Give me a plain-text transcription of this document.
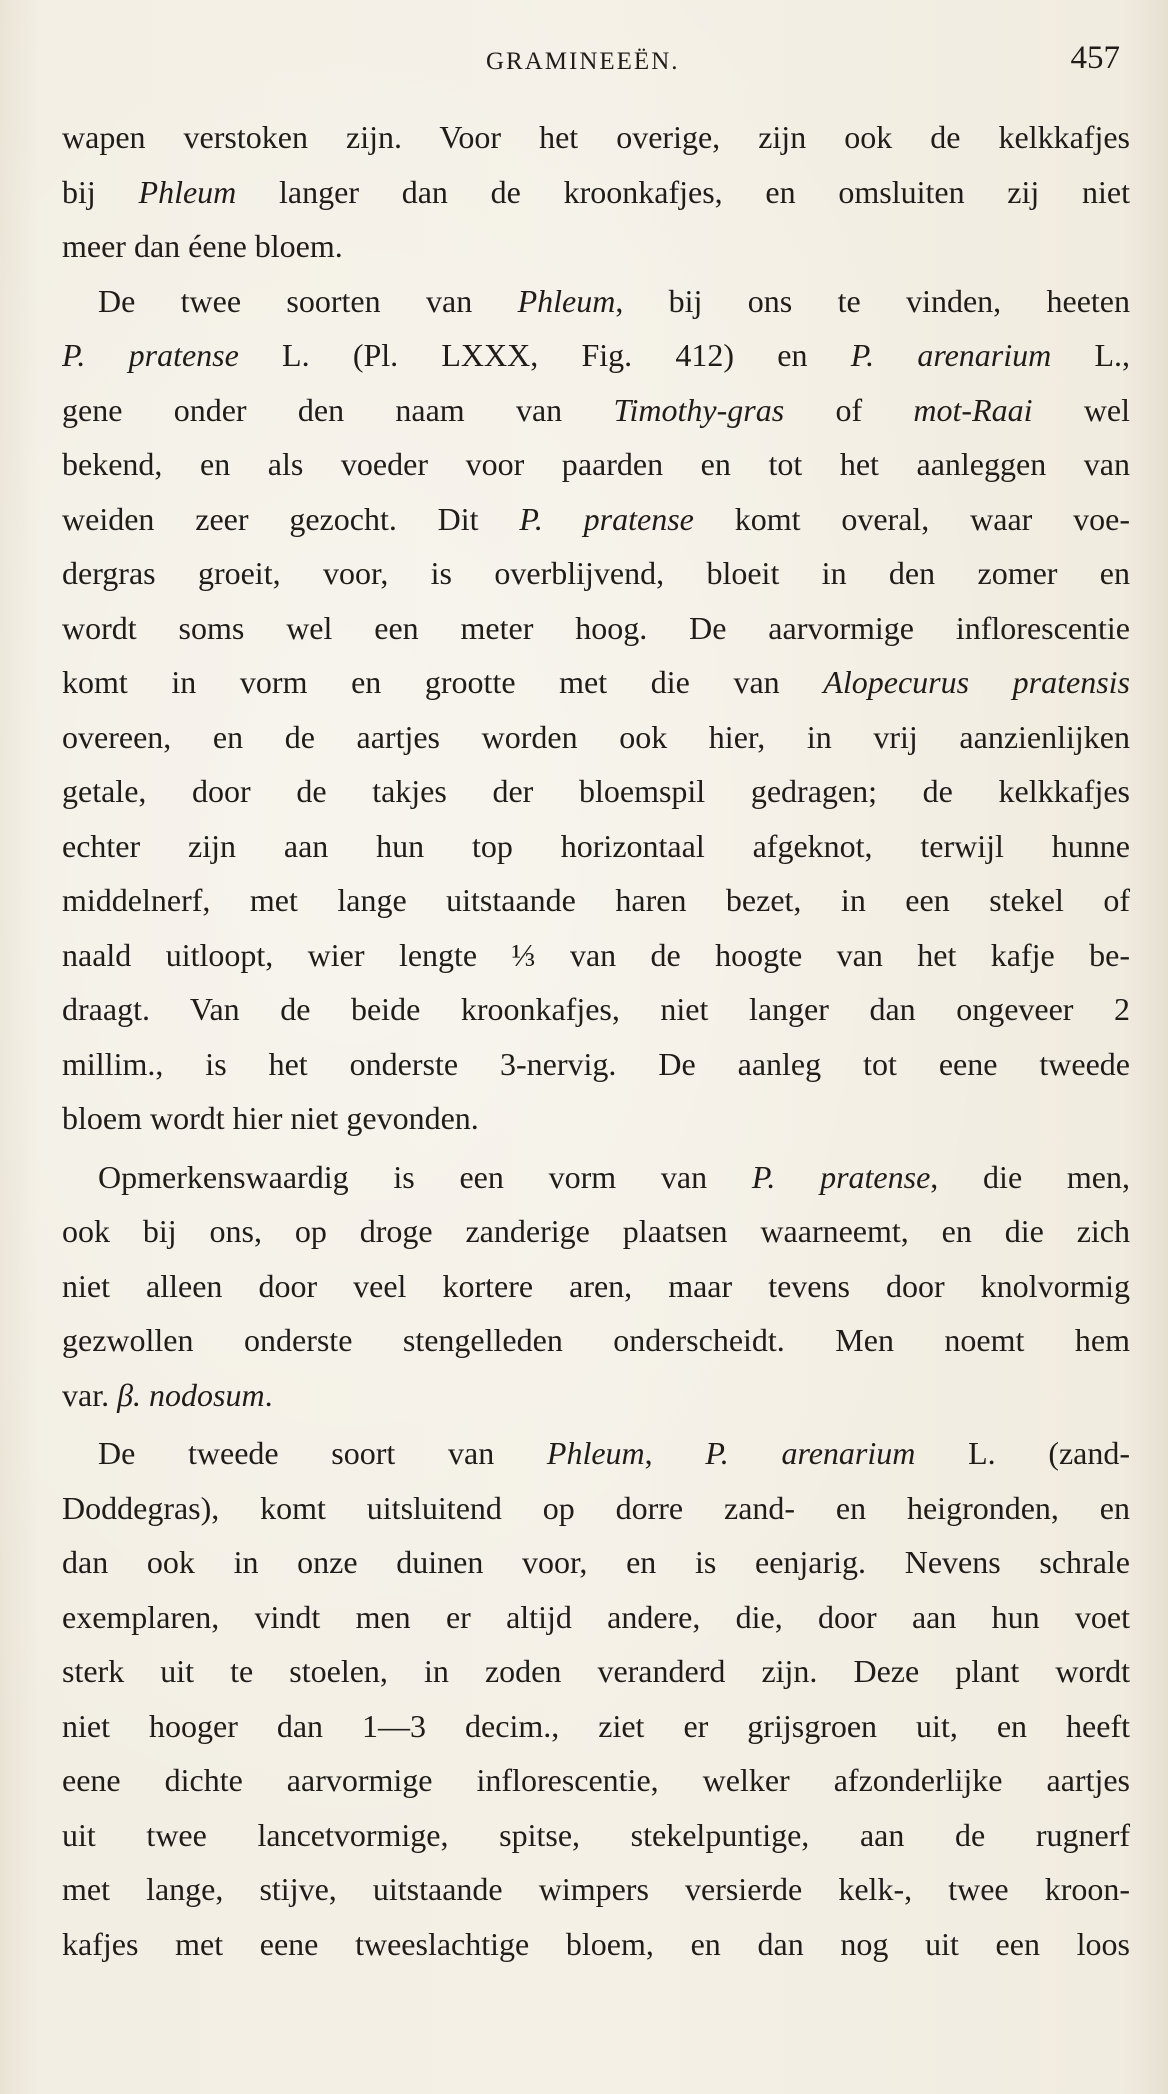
GRAMINEEËN.	457
wapen verstoken zijn. Voor het overige, zijn ook de kelkkafjes
bij Phleum langer dan de kroonkafjes, en omsluiten zij niet
meer dan éene bloem.
De twee soorten van Phleum, bij ons te vinden, heeten
P. pratense L. (Pl. LXXX, Fig. 412) en P. arenarium L.,
gene onder den naam van Timothy-gras of mot-Raai wel
bekend, en als voeder voor paarden en tot het aanleggen van
weiden zeer gezocht. Dit P. pratense komt overal, waar voe-
dergras groeit, voor, is overblijvend, bloeit in den zomer en
wordt soms wel een meter hoog. De aarvormige inflorescentie
komt in vorm en grootte met die van Alopecurus pratensis
overeen, en de aartjes worden ook hier, in vrij aanzienlijken
getale, door de takjes der bloemspil gedragen; de kelkkafjes
echter zijn aan hun top horizontaal afgeknot, terwijl hunne
middelnerf, met lange uitstaande haren bezet, in een stekel of
naald uitloopt, wier lengte ⅓ van de hoogte van het kafje be-
draagt. Van de beide kroonkafjes, niet langer dan ongeveer 2
millim., is het onderste 3-nervig. De aanleg tot eene tweede
bloem wordt hier niet gevonden.
Opmerkenswaardig is een vorm van P. pratense, die men,
ook bij ons, op droge zanderige plaatsen waarneemt, en die zich
niet alleen door veel kortere aren, maar tevens door knolvormig
gezwollen onderste stengelleden onderscheidt. Men noemt hem
var. β. nodosum.
De tweede soort van Phleum, P. arenarium L. (zand-
Doddegras), komt uitsluitend op dorre zand- en heigronden, en
dan ook in onze duinen voor, en is eenjarig. Nevens schrale
exemplaren, vindt men er altijd andere, die, door aan hun voet
sterk uit te stoelen, in zoden veranderd zijn. Deze plant wordt
niet hooger dan 1—3 decim., ziet er grijsgroen uit, en heeft
eene dichte aarvormige inflorescentie, welker afzonderlijke aartjes
uit twee lancetvormige, spitse, stekelpuntige, aan de rugnerf
met lange, stijve, uitstaande wimpers versierde kelk-, twee kroon-
kafjes met eene tweeslachtige bloem, en dan nog uit een loos
